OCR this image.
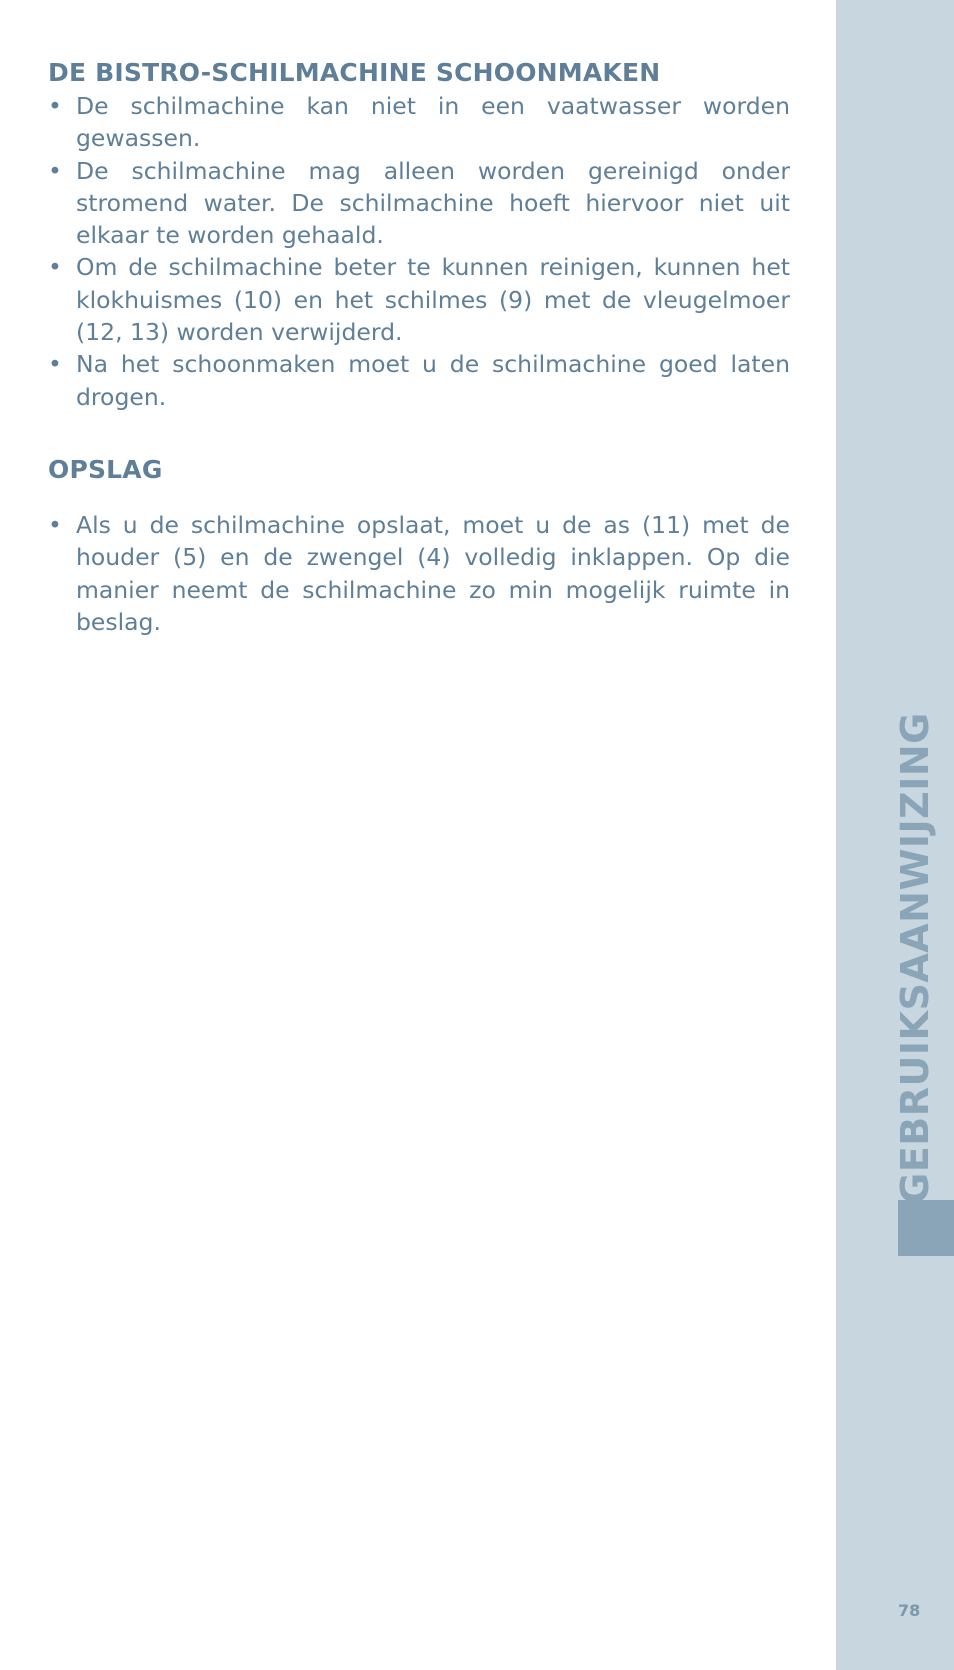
DE BISTRO-SCHILMACHINE SCHOONMAKEN
• De schilmachine kan niet in een vaatwasser worden gewassen.
• De schilmachine mag alleen worden gereinigd onder stromend water. De schilmachine hoeft hiervoor niet uit elkaar te worden gehaald.
• Om de schilmachine beter te kunnen reinigen, kunnen het klokhuismes (10) en het schilmes (9) met de vleugelmoer (12, 13) worden verwijderd.
• Na het schoonmaken moet u de schilmachine goed laten drogen.
OPSLAG
• Als u de schilmachine opslaat, moet u de as (11) met de houder (5) en de zwengel (4) volledig inklappen. Op die manier neemt de schilmachine zo min mogelijk ruimte in beslag.
GEBRUIKSAANWIJZING
78
